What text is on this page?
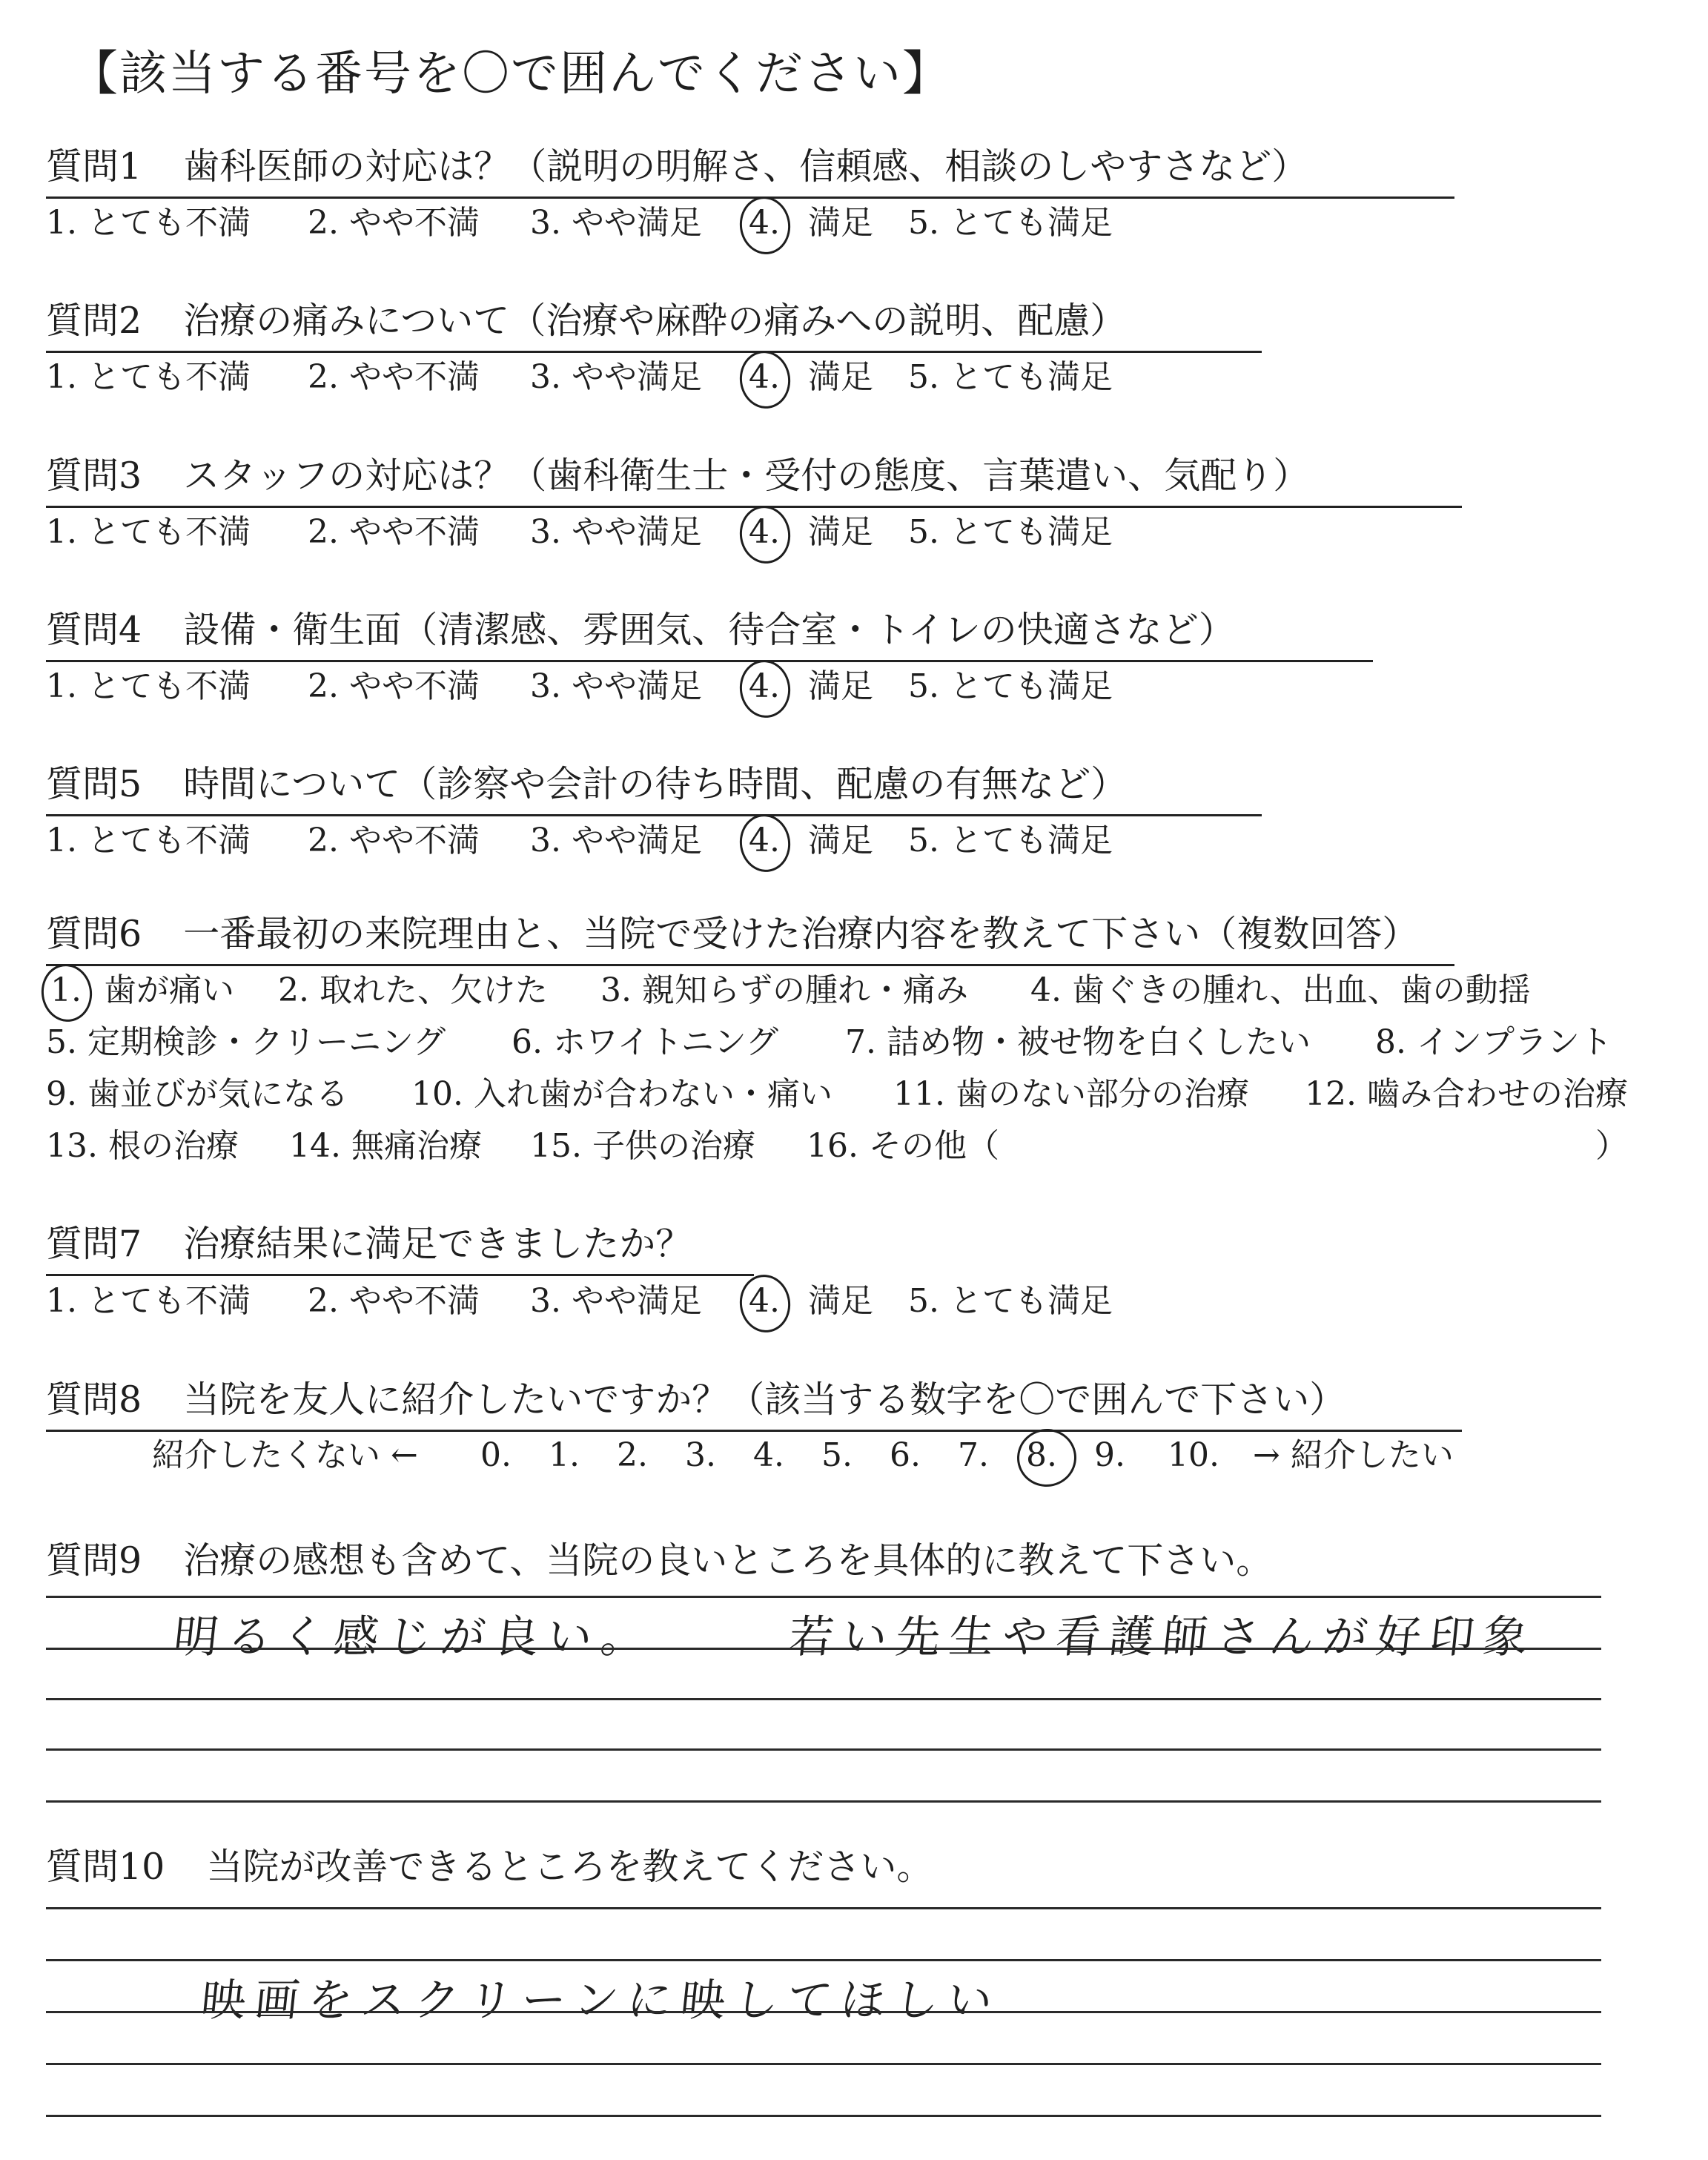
【該当する番号を〇で囲んでください】
質問1 歯科医師の対応は？（説明の明解さ、信頼感、相談のしやすさなど）
1. とても不満 2. やや不満 3. やや満足 4. 満足 5. とても満足
質問2 治療の痛みについて（治療や麻酔の痛みへの説明、配慮）
1. とても不満 2. やや不満 3. やや満足 4. 満足 5. とても満足
質問3 スタッフの対応は？（歯科衛生士・受付の態度、言葉遣い、気配り）
1. とても不満 2. やや不満 3. やや満足 4. 満足 5. とても満足
質問4 設備・衛生面（清潔感、雰囲気、待合室・トイレの快適さなど）
1. とても不満 2. やや不満 3. やや満足 4. 満足 5. とても満足
質問5 時間について（診察や会計の待ち時間、配慮の有無など）
1. とても不満 2. やや不満 3. やや満足 4. 満足 5. とても満足
質問6 一番最初の来院理由と、当院で受けた治療内容を教えて下さい（複数回答）
1. 歯が痛い 2. 取れた、欠けた 3. 親知らずの腫れ・痛み 4. 歯ぐきの腫れ、出血、歯の動揺
5. 定期検診・クリーニング 6. ホワイトニング 7. 詰め物・被せ物を白くしたい 8. インプラント
9. 歯並びが気になる 10. 入れ歯が合わない・痛い 11. 歯のない部分の治療 12. 嚙み合わせの治療
13. 根の治療 14. 無痛治療 15. 子供の治療 16. その他（	）
質問7 治療結果に満足できましたか？
1. とても不満 2. やや不満 3. やや満足 4. 満足 5. とても満足
質問8 当院を友人に紹介したいですか？（該当する数字を〇で囲んで下さい）
紹介したくない ← 0. 1. 2. 3. 4. 5. 6. 7. 8. 9. 10. → 紹介したい
質問9 治療の感想も含めて、当院の良いところを具体的に教えて下さい。
明るく感じが良い。	若い先生や看護師さんが好印象
質問10 当院が改善できるところを教えてください。
映画をスクリーンに映してほしい
